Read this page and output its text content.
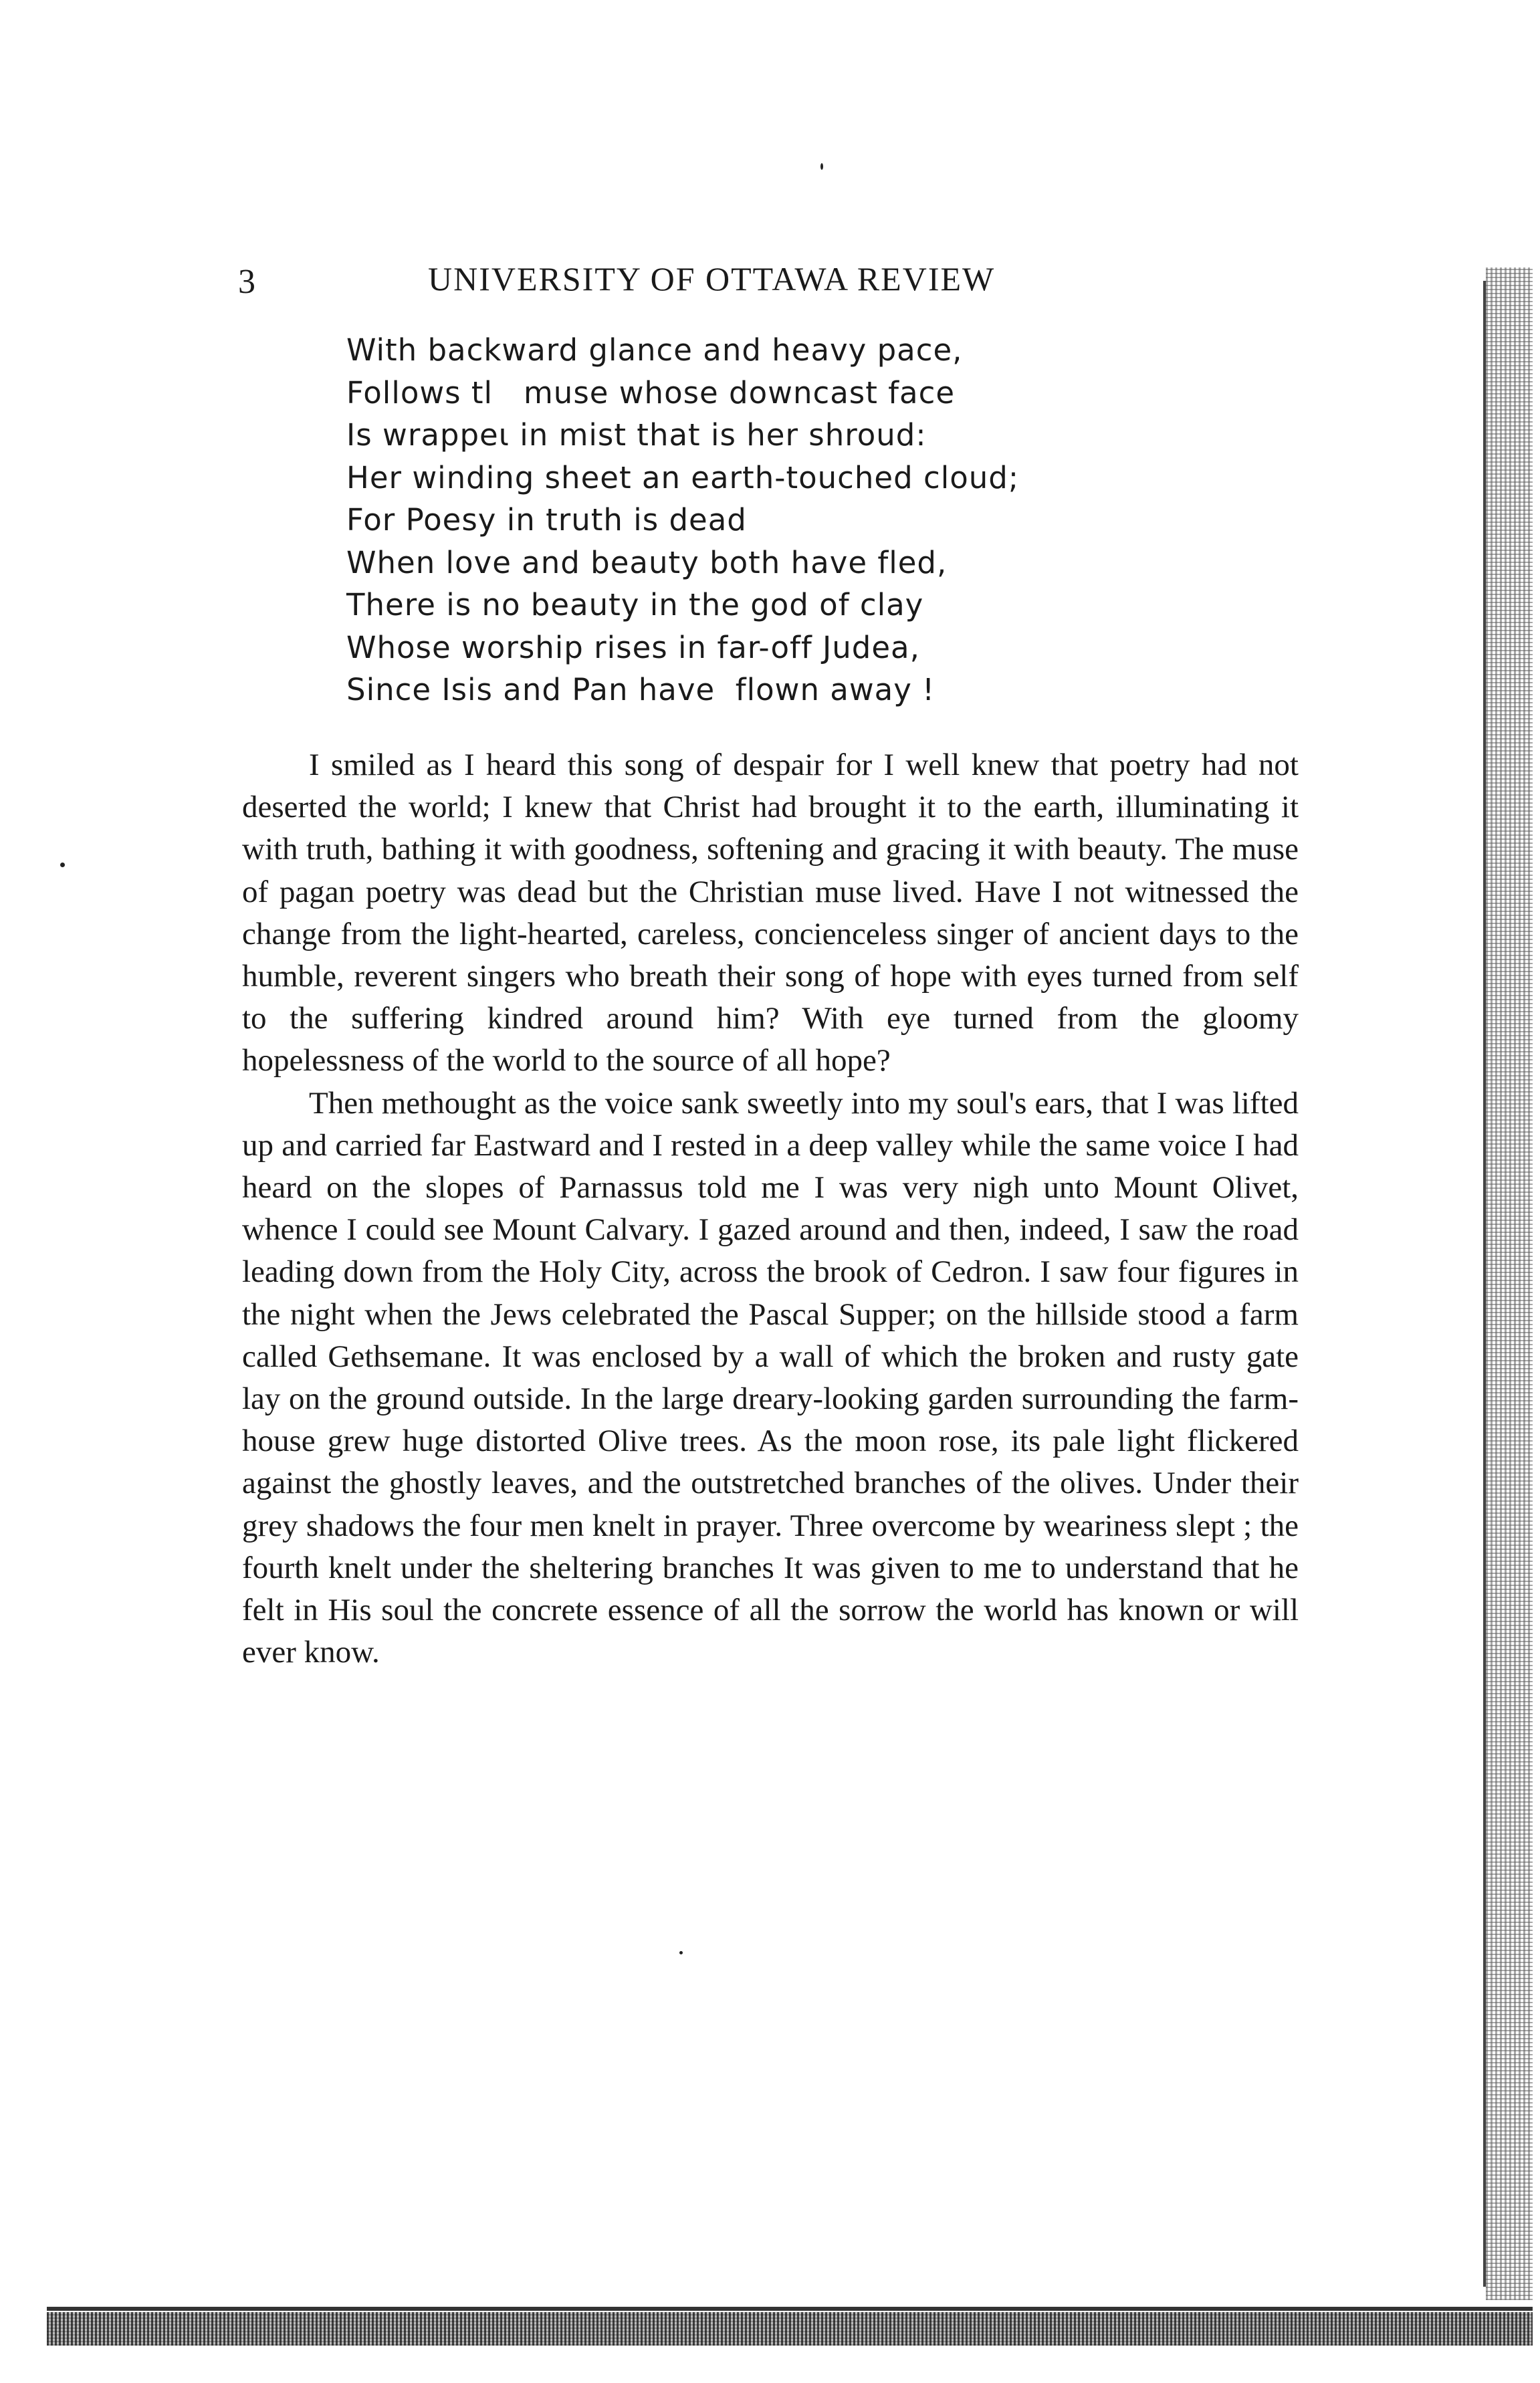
3	UNIVERSITY OF OTTAWA REVIEW
With backward glance and heavy pace,
Follows tl   muse whose downcast face
Is wrappeι in mist that is her shroud:
Her winding sheet an earth-touched cloud;
For Poesy in truth is dead
When love and beauty both have fled,
There is no beauty in the god of clay
Whose worship rises in far-off Judea,
Since Isis and Pan have  flown away !

I smiled as I heard this song of despair for I well knew that poetry had not deserted the world; I knew that Christ had brought it to the earth, illuminating it with truth, bathing it with goodness, softening and gracing it with beauty. The muse of pagan poetry was dead but the Christian muse lived. Have I not witnessed the change from the light-hearted, careless, concienceless singer of ancient days to the humble, reverent singers who breath their song of hope with eyes turned from self to the suffering kindred around him? With eye turned from the gloomy hopelessness of the world to the source of all hope?

Then methought as the voice sank sweetly into my soul's ears, that I was lifted up and carried far Eastward and I rested in a deep valley while the same voice I had heard on the slopes of Parnassus told me I was very nigh unto Mount Olivet, whence I could see Mount Calvary. I gazed around and then, indeed, I saw the road leading down from the Holy City, across the brook of Cedron. I saw four figures in the night when the Jews celebrated the Pascal Supper; on the hillside stood a farm called Gethsemane. It was enclosed by a wall of which the broken and rusty gate lay on the ground outside. In the large dreary-looking garden surrounding the farm-house grew huge distorted Olive trees. As the moon rose, its pale light flickered against the ghostly leaves, and the outstretched branches of the olives. Under their grey shadows the four men knelt in prayer. Three overcome by weariness slept ; the fourth knelt under the sheltering branches It was given to me to understand that he felt in His soul the concrete essence of all the sorrow the world has known or will ever know.
